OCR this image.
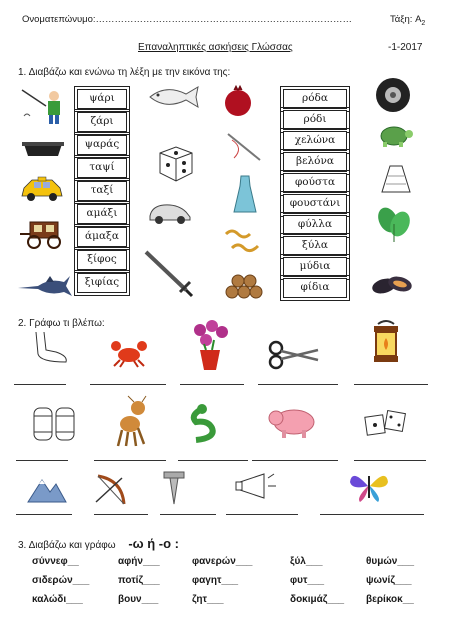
Ονοματεπώνυμο:………………………………………………………………………	Τάξη: $A_2$
Επαναληπτικές ασκήσεις Γλώσσας	-1-2017
1. Διαβάζω και ενώνω τη λέξη με την εικόνα της:
ψάρι
ζάρι
ψαράς
ταψί
ταξί
αμάξι
άμαξα
ξίφος
ξιφίας
ρόδα
ρόδι
χελώνα
βελόνα
φούστα
φουστάνι
φύλλα
ξύλα
μύδια
φίδια
2. Γράφω τι βλέπω:
3. Διαβάζω και γράφω -ω ή -ο :
σύννεφ__	αφήν___	φανερών___	ξύλ___	θυμών___
σιδερών___	ποτίζ___	φαγητ___	φυτ___	ψωνίζ___
καλώδι___	βουν___	ζητ___	δοκιμάζ___ βερίκοκ__
